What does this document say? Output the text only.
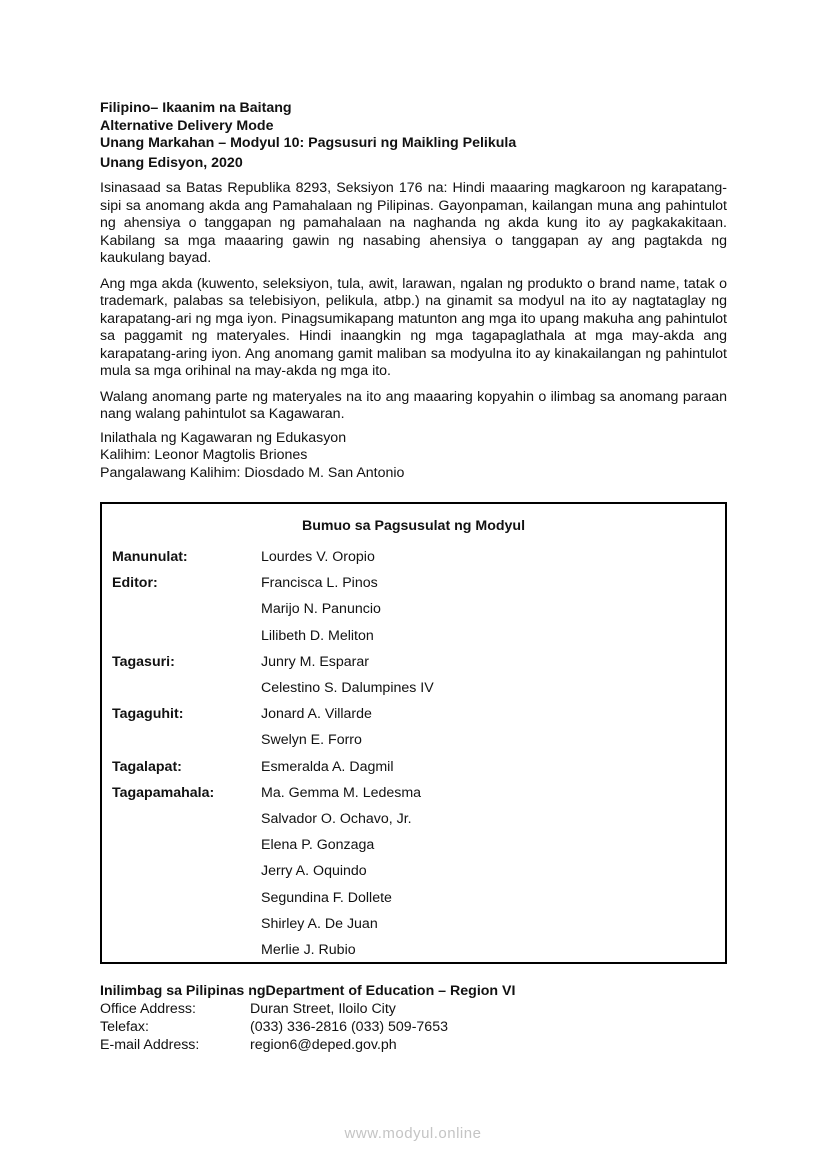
Filipino– Ikaanim na Baitang
Alternative Delivery Mode
Unang Markahan – Modyul 10: Pagsusuri ng Maikling Pelikula
Unang Edisyon, 2020

Isinasaad sa Batas Republika 8293, Seksiyon 176 na: Hindi maaaring magkaroon ng karapatang-sipi sa anomang akda ang Pamahalaan ng Pilipinas. Gayonpaman, kailangan muna ang pahintulot ng ahensiya o tanggapan ng pamahalaan na naghanda ng akda kung ito ay pagkakakitaan. Kabilang sa mga maaaring gawin ng nasabing ahensiya o tanggapan ay ang pagtakda ng kaukulang bayad.

Ang mga akda (kuwento, seleksiyon, tula, awit, larawan, ngalan ng produkto o brand name, tatak o trademark, palabas sa telebisiyon, pelikula, atbp.) na ginamit sa modyul na ito ay nagtataglay ng karapatang-ari ng mga iyon. Pinagsumikapang matunton ang mga ito upang makuha ang pahintulot sa paggamit ng materyales. Hindi inaangkin ng mga tagapaglathala at mga may-akda ang karapatang-aring iyon. Ang anomang gamit maliban sa modyulna ito ay kinakailangan ng pahintulot mula sa mga orihinal na may-akda ng mga ito.

Walang anomang parte ng materyales na ito ang maaaring kopyahin o ilimbag sa anomang paraan nang walang pahintulot sa Kagawaran.

Inilathala ng Kagawaran ng Edukasyon
Kalihim: Leonor Magtolis Briones
Pangalawang Kalihim: Diosdado M. San Antonio
Bumuo sa Pagsusulat ng Modyul
Manunulat:	Lourdes V. Oropio
Editor:	Francisca L. Pinos
Marijo N. Panuncio
Lilibeth D. Meliton
Tagasuri:	Junry M. Esparar
Celestino S. Dalumpines IV
Tagaguhit:	Jonard A. Villarde
Swelyn E. Forro
Tagalapat:	Esmeralda A. Dagmil
Tagapamahala:	Ma. Gemma M. Ledesma
Salvador O. Ochavo, Jr.
Elena P. Gonzaga
Jerry A. Oquindo
Segundina F. Dollete
Shirley A. De Juan
Merlie J. Rubio
Inilimbag sa Pilipinas ngDepartment of Education – Region VI
Office Address:	Duran Street, Iloilo City
Telefax:	(033) 336-2816 (033) 509-7653
E-mail Address:	region6@deped.gov.ph
www.modyul.online
